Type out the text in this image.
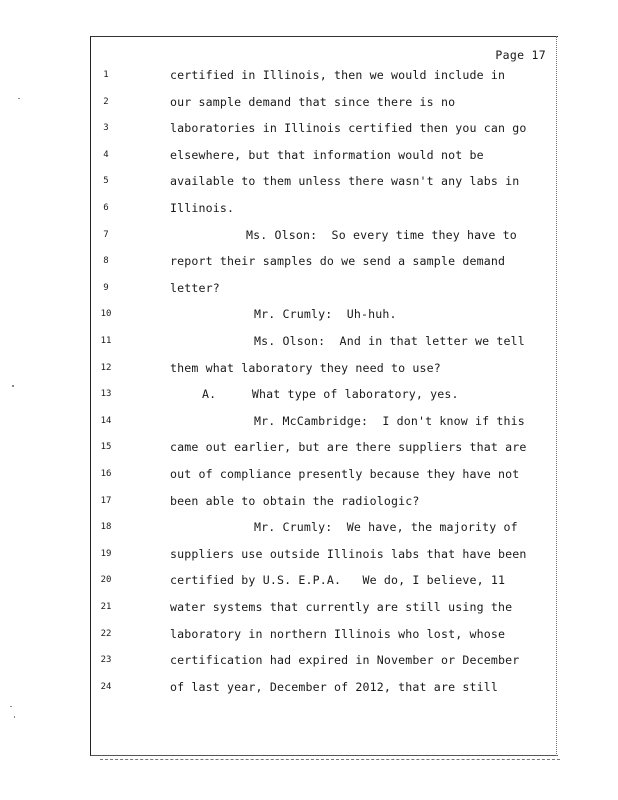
Page 17
1	certified in Illinois, then we would include in
2	our sample demand that since there is no
3	laboratories in Illinois certified then you can go
4	elsewhere, but that information would not be
5	available to them unless there wasn't any labs in
6	Illinois.
7	Ms. Olson:  So every time they have to
8	report their samples do we send a sample demand
9	letter?
10	Mr. Crumly:  Uh-huh.
11	Ms. Olson:  And in that letter we tell
12	them what laboratory they need to use?
13	A.     What type of laboratory, yes.
14	Mr. McCambridge:  I don't know if this
15	came out earlier, but are there suppliers that are
16	out of compliance presently because they have not
17	been able to obtain the radiologic?
18	Mr. Crumly:  We have, the majority of
19	suppliers use outside Illinois labs that have been
20	certified by U.S. E.P.A.   We do, I believe, 11
21	water systems that currently are still using the
22	laboratory in northern Illinois who lost, whose
23	certification had expired in November or December
24	of last year, December of 2012, that are still
